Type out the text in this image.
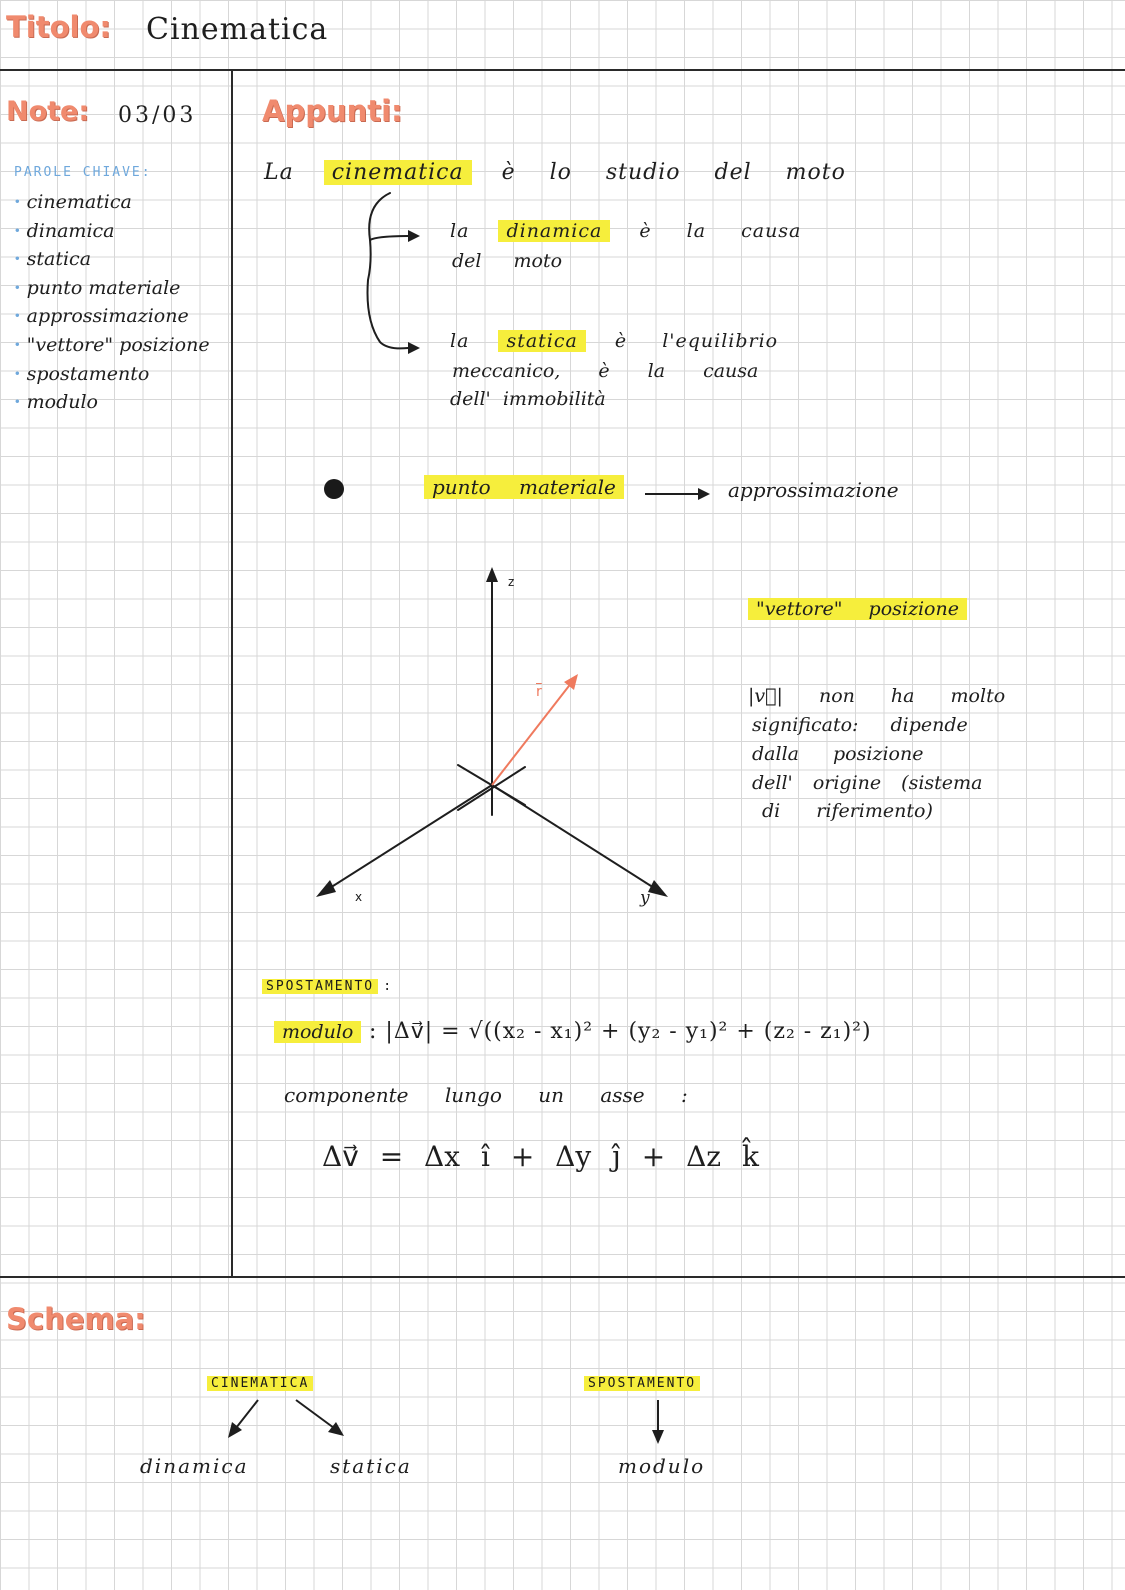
Titolo: Cinematica
Note: 03/03 Appunti:
PAROLE CHIAVE:
· cinematica
· dinamica
· statica
· punto materiale
· approssimazione
· "vettore" posizione
· spostamento
· modulo
La cinematica è lo studio del moto
la dinamica è la causa
del moto
la statica è l'equilibrio
meccanico, è la causa
dell' immobilità
punto materiale	approssimazione
z
x	y
$\overline{r}$
"vettore" posizione
|v⃗| non ha molto
significato: dipende
dalla posizione
dell' origine (sistema
di riferimento)
SPOSTAMENTO :
modulo : |Δv⃗| = √((x₂ - x₁)² + (y₂ - y₁)² + (z₂ - z₁)²)
componente lungo un asse :
Δv⃗ = Δx î + Δy ĵ + Δz k̂
Schema:
CINEMATICA	SPOSTAMENTO
dinamica	statica	modulo
